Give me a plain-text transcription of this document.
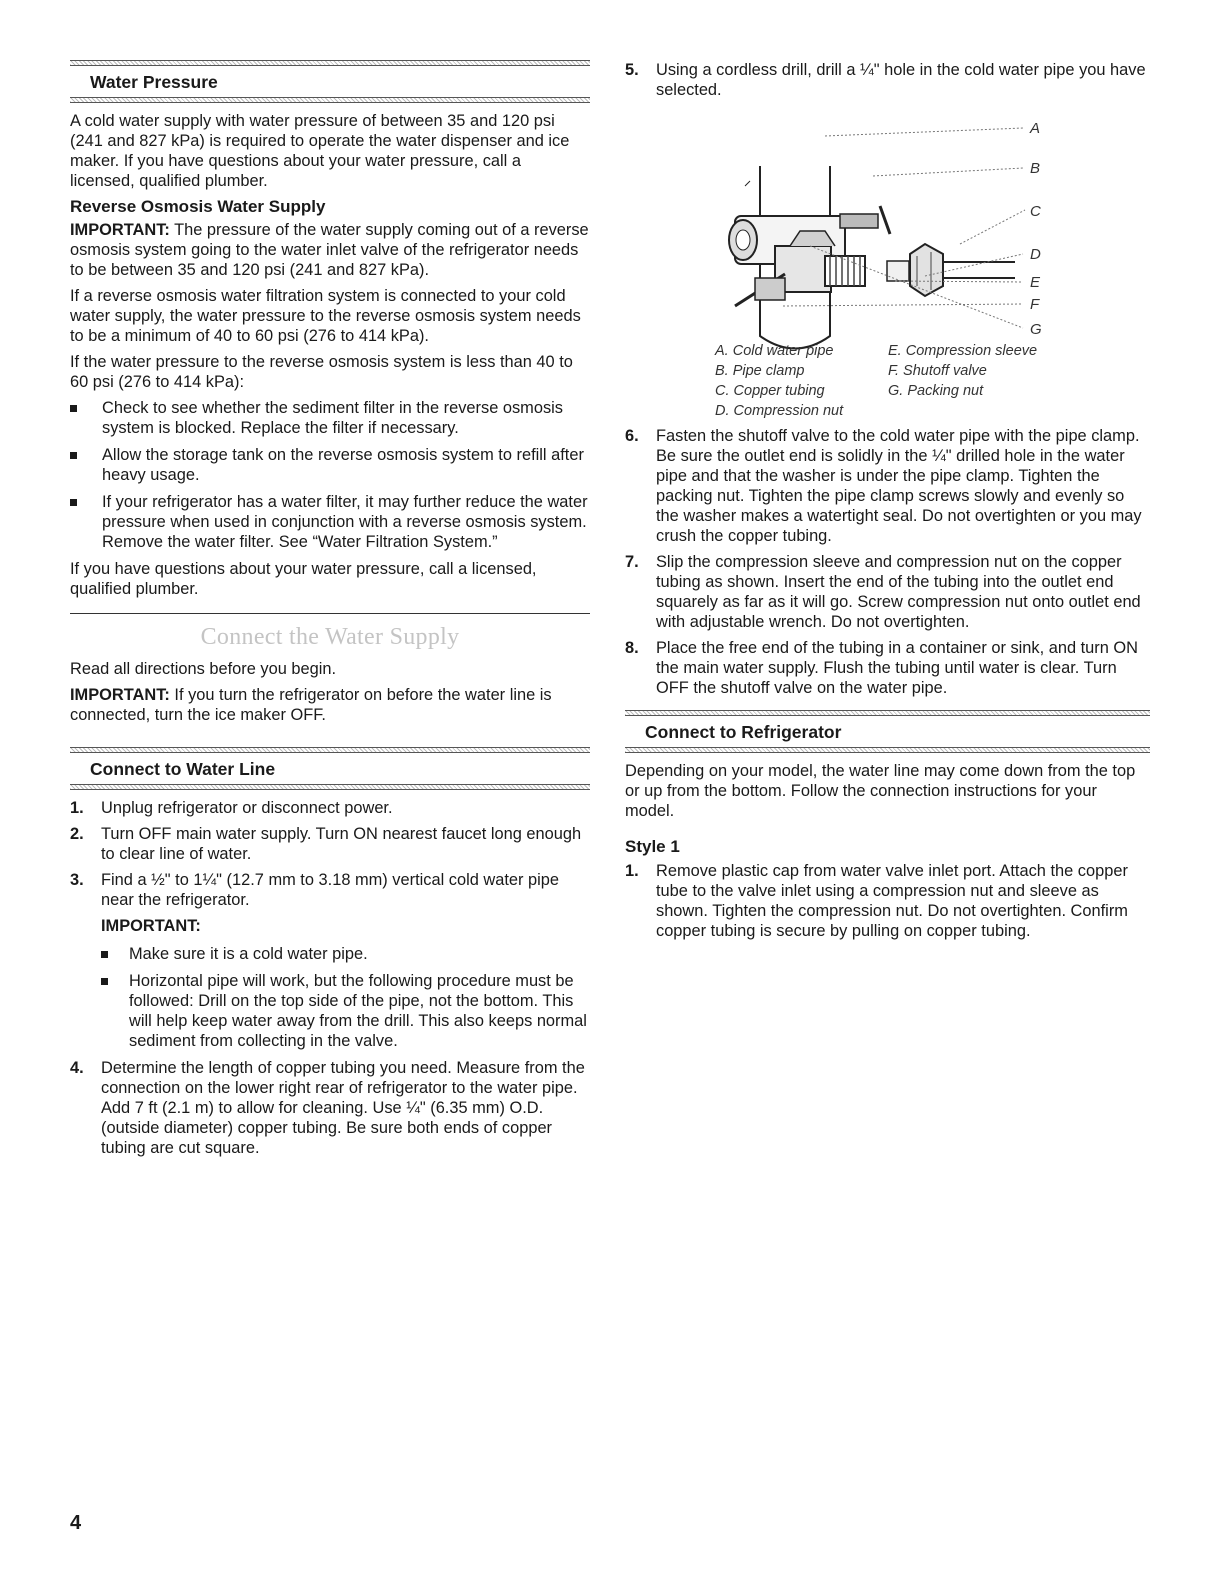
Water Pressure

A cold water supply with water pressure of between 35 and 120 psi (241 and 827 kPa) is required to operate the water dispenser and ice maker. If you have questions about your water pressure, call a licensed, qualified plumber.

Reverse Osmosis Water Supply

IMPORTANT: The pressure of the water supply coming out of a reverse osmosis system going to the water inlet valve of the refrigerator needs to be between 35 and 120 psi (241 and 827 kPa).

If a reverse osmosis water filtration system is connected to your cold water supply, the water pressure to the reverse osmosis system needs to be a minimum of 40 to 60 psi (276 to 414 kPa).

If the water pressure to the reverse osmosis system is less than 40 to 60 psi (276 to 414 kPa):

Check to see whether the sediment filter in the reverse osmosis system is blocked. Replace the filter if necessary.
Allow the storage tank on the reverse osmosis system to refill after heavy usage.
If your refrigerator has a water filter, it may further reduce the water pressure when used in conjunction with a reverse osmosis system. Remove the water filter. See “Water Filtration System.”

If you have questions about your water pressure, call a licensed, qualified plumber.

Connect the Water Supply

Read all directions before you begin.

IMPORTANT: If you turn the refrigerator on before the water line is connected, turn the ice maker OFF.

Connect to Water Line
1. Unplug refrigerator or disconnect power.
2. Turn OFF main water supply. Turn ON nearest faucet long enough to clear line of water.
3. Find a ½" to 1¼" (12.7 mm to 3.18 mm) vertical cold water pipe near the refrigerator.
IMPORTANT:
Make sure it is a cold water pipe.
Horizontal pipe will work, but the following procedure must be followed: Drill on the top side of the pipe, not the bottom. This will help keep water away from the drill. This also keeps normal sediment from collecting in the valve.
4. Determine the length of copper tubing you need. Measure from the connection on the lower right rear of refrigerator to the water pipe. Add 7 ft (2.1 m) to allow for cleaning. Use ¼" (6.35 mm) O.D. (outside diameter) copper tubing. Be sure both ends of copper tubing are cut square.
5. Using a cordless drill, drill a ¼" hole in the cold water pipe you have selected.
A
B
C
D
E
F
G
A. Cold water pipe
B. Pipe clamp
C. Copper tubing
D. Compression nut
E. Compression sleeve
F. Shutoff valve
G. Packing nut
6. Fasten the shutoff valve to the cold water pipe with the pipe clamp. Be sure the outlet end is solidly in the ¼" drilled hole in the water pipe and that the washer is under the pipe clamp. Tighten the packing nut. Tighten the pipe clamp screws slowly and evenly so the washer makes a watertight seal. Do not overtighten or you may crush the copper tubing.
7. Slip the compression sleeve and compression nut on the copper tubing as shown. Insert the end of the tubing into the outlet end squarely as far as it will go. Screw compression nut onto outlet end with adjustable wrench. Do not overtighten.
8. Place the free end of the tubing in a container or sink, and turn ON the main water supply. Flush the tubing until water is clear. Turn OFF the shutoff valve on the water pipe.
Connect to Refrigerator

Depending on your model, the water line may come down from the top or up from the bottom. Follow the connection instructions for your model.

Style 1
1. Remove plastic cap from water valve inlet port. Attach the copper tube to the valve inlet using a compression nut and sleeve as shown. Tighten the compression nut. Do not overtighten. Confirm copper tubing is secure by pulling on copper tubing.
4
